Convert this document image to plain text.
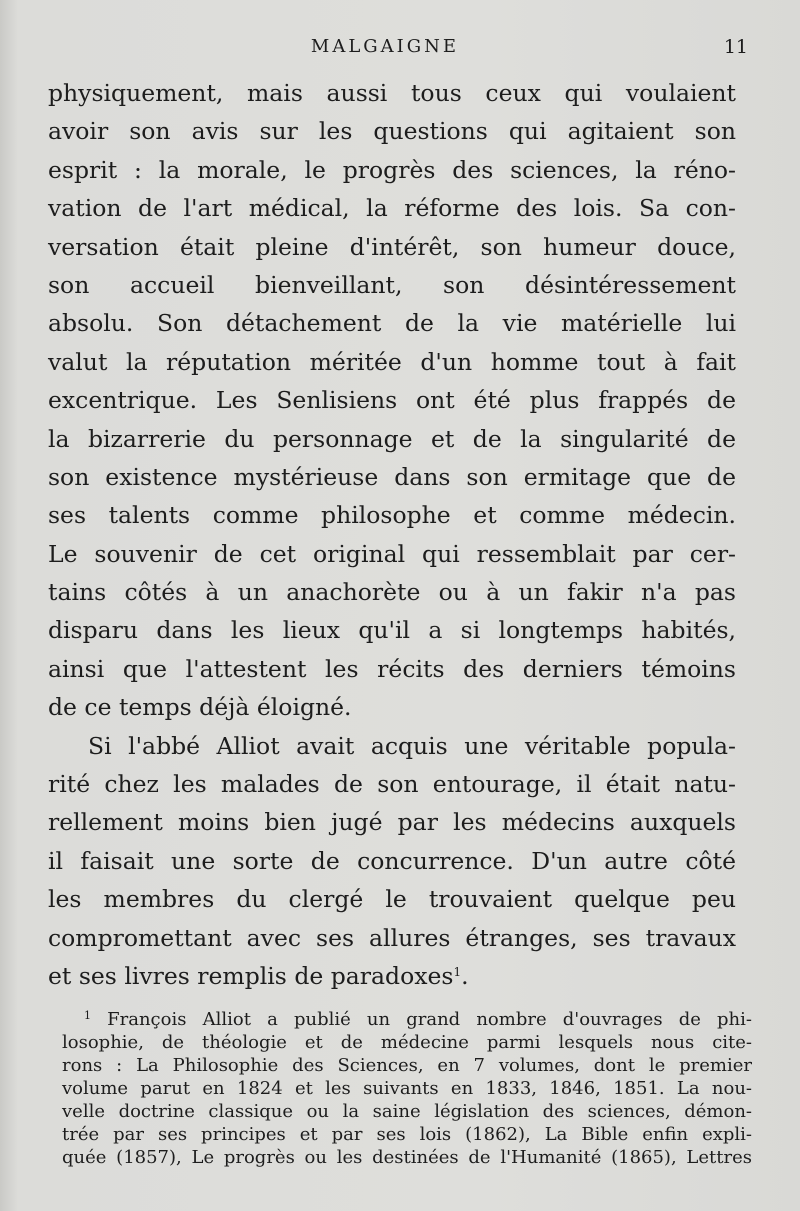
MALGAIGNE	11
physiquement, mais aussi tous ceux qui voulaient
avoir son avis sur les questions qui agitaient son
esprit : la morale, le progrès des sciences, la réno-
vation de l'art médical, la réforme des lois. Sa con-
versation était pleine d'intérêt, son humeur douce,
son accueil bienveillant, son désintéressement
absolu. Son détachement de la vie matérielle lui
valut la réputation méritée d'un homme tout à fait
excentrique. Les Senlisiens ont été plus frappés de
la bizarrerie du personnage et de la singularité de
son existence mystérieuse dans son ermitage que de
ses talents comme philosophe et comme médecin.
Le souvenir de cet original qui ressemblait par cer-
tains côtés à un anachorète ou à un fakir n'a pas
disparu dans les lieux qu'il a si longtemps habités,
ainsi que l'attestent les récits des derniers témoins
de ce temps déjà éloigné.
Si l'abbé Alliot avait acquis une véritable popula-
rité chez les malades de son entourage, il était natu-
rellement moins bien jugé par les médecins auxquels
il faisait une sorte de concurrence. D'un autre côté
les membres du clergé le trouvaient quelque peu
compromettant avec ses allures étranges, ses travaux
et ses livres remplis de paradoxes$^1$.
$^1$ François Alliot a publié un grand nombre d'ouvrages de phi-
losophie, de théologie et de médecine parmi lesquels nous cite-
rons : La Philosophie des Sciences, en 7 volumes, dont le premier
volume parut en 1824 et les suivants en 1833, 1846, 1851. La nou-
velle doctrine classique ou la saine législation des sciences, démon-
trée par ses principes et par ses lois (1862), La Bible enfin expli-
quée (1857), Le progrès ou les destinées de l'Humanité (1865), Lettres
